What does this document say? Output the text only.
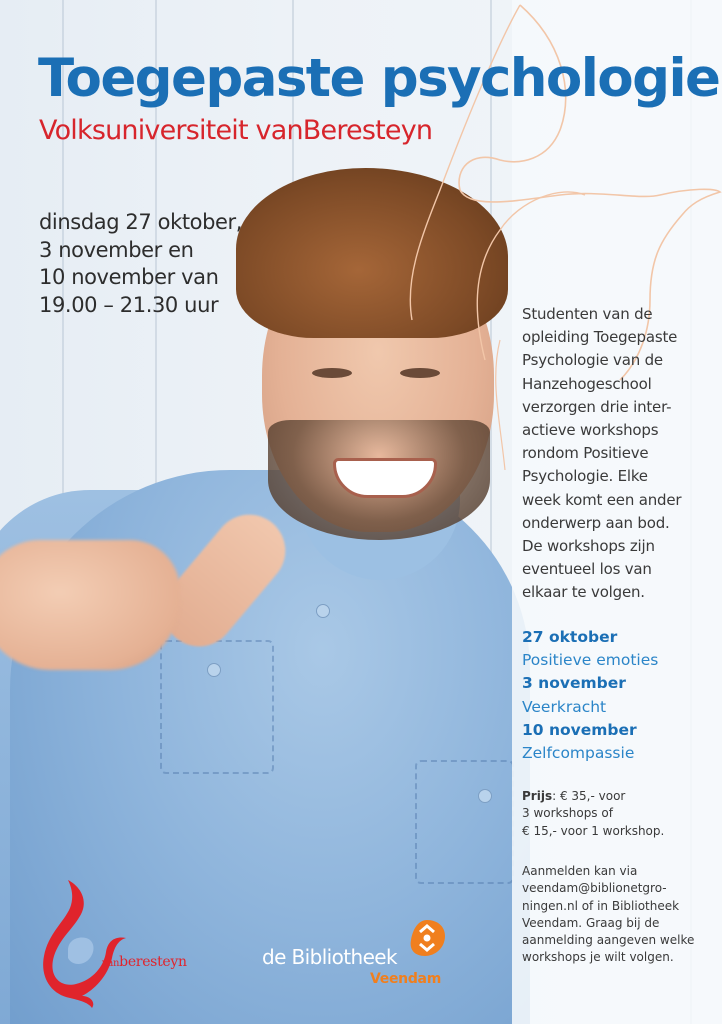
Toegepaste psychologie
Volksuniversiteit vanBeresteyn
dinsdag 27 oktober,
3 november en
10 november van
19.00 – 21.30 uur	Studenten van de
opleiding Toegepaste
Psychologie van de
Hanzehogeschool
verzorgen drie inter-
actieve workshops
rondom Positieve
Psychologie. Elke
week komt een ander
onderwerp aan bod.
De workshops zijn
eventueel los van
elkaar te volgen.
27 oktober
Positieve emoties
3 november
Veerkracht
10 november
Zelfcompassie
Prijs: € 35,- voor
3 workshops of
€ 15,- voor 1 workshop.
Aanmelden kan via
veendam@biblionetgro-
ningen.nl of in Bibliotheek
Veendam. Graag bij de
aanmelding aangeven welke
workshops je wilt volgen.
vanberesteyn	de Bibliotheek
Veendam
